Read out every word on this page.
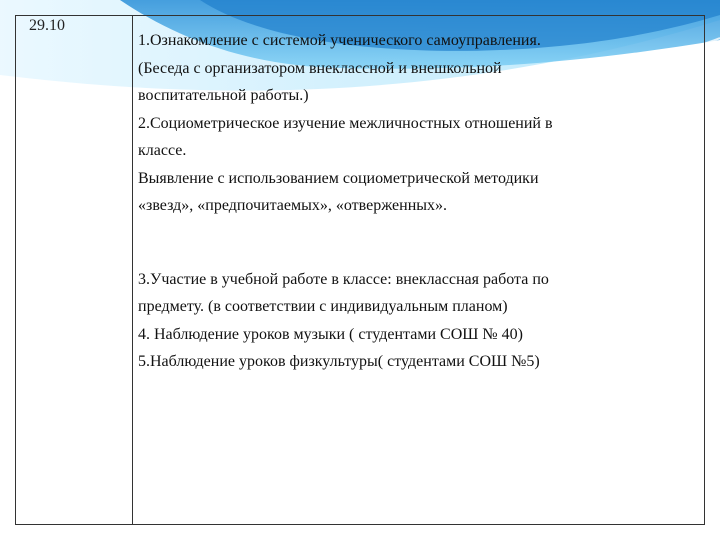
29.10
1.Ознакомление с системой ученического самоуправления.
(Беседа с организатором внеклассной и внешкольной
воспитательной работы.)
2.Социометрическое изучение межличностных отношений в
классе.
Выявление с использованием социометрической методики
«звезд», «предпочитаемых», «отверженных».
3.Участие в учебной работе в классе: внеклассная работа по
предмету. (в соответствии с индивидуальным планом)
4. Наблюдение уроков музыки ( студентами СОШ № 40)
5.Наблюдение уроков физкультуры( студентами СОШ №5)
